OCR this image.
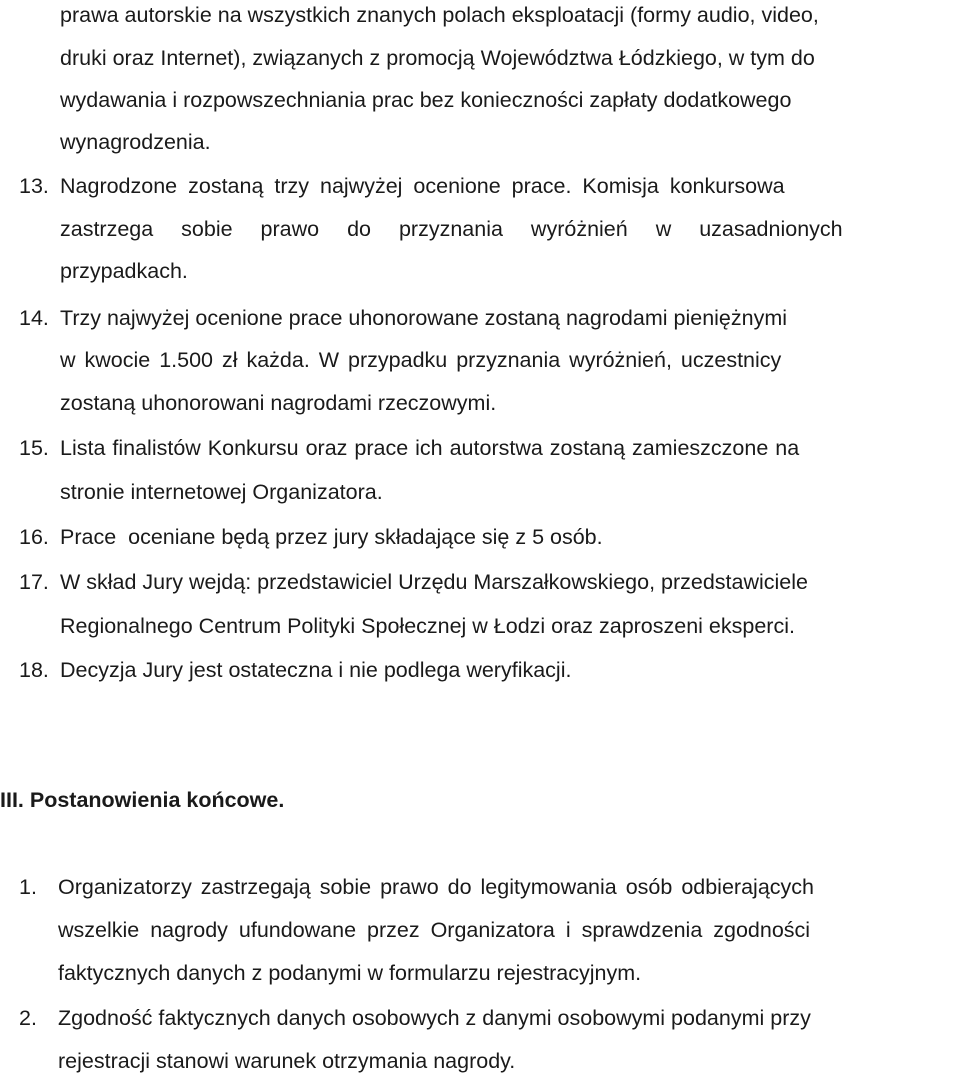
prawa autorskie na wszystkich znanych polach eksploatacji (formy audio, video,

druki oraz Internet), związanych z promocją Województwa Łódzkiego, w tym do

wydawania i rozpowszechniania prac bez konieczności zapłaty dodatkowego

wynagrodzenia.

13. Nagrodzone zostaną trzy najwyżej ocenione prace. Komisja konkursowa

zastrzega sobie prawo do przyznania wyróżnień w uzasadnionych

przypadkach.

14. Trzy najwyżej ocenione prace uhonorowane zostaną nagrodami pieniężnymi

w kwocie 1.500 zł każda. W przypadku przyznania wyróżnień, uczestnicy

zostaną uhonorowani nagrodami rzeczowymi.

15. Lista finalistów Konkursu oraz prace ich autorstwa zostaną zamieszczone na

stronie internetowej Organizatora.

16. Prace  oceniane będą przez jury składające się z 5 osób.

17. W skład Jury wejdą: przedstawiciel Urzędu Marszałkowskiego, przedstawiciele

Regionalnego Centrum Polityki Społecznej w Łodzi oraz zaproszeni eksperci.

18. Decyzja Jury jest ostateczna i nie podlega weryfikacji.

III. Postanowienia końcowe.
1. Organizatorzy zastrzegają sobie prawo do legitymowania osób odbierających

wszelkie nagrody ufundowane przez Organizatora i sprawdzenia zgodności

faktycznych danych z podanymi w formularzu rejestracyjnym.

2. Zgodność faktycznych danych osobowych z danymi osobowymi podanymi przy

rejestracji stanowi warunek otrzymania nagrody.
